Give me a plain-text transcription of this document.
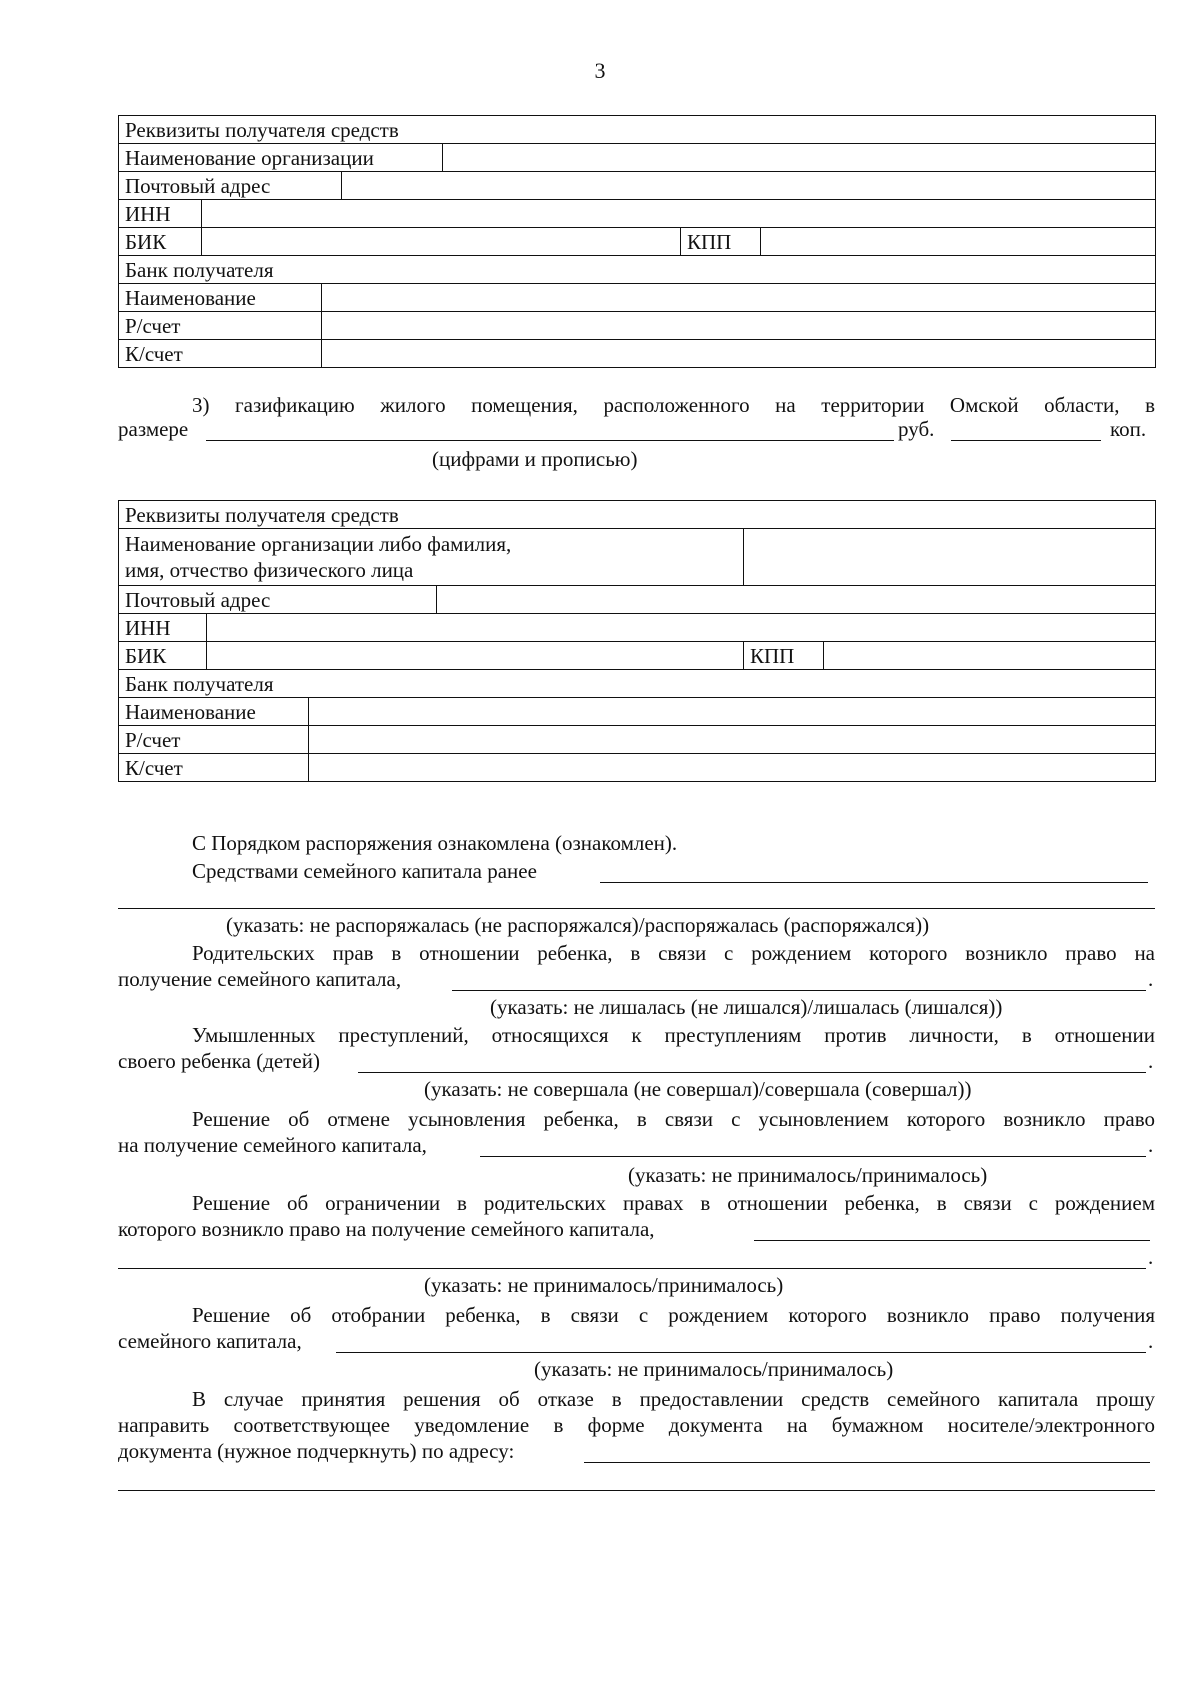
3
Реквизиты получателя средств						
Наименование организации						
Почтовый адрес						
ИНН						
БИК					КПП	
Банк получателя						
Наименование						
Р/счет						
К/счет						
3) газификацию жилого помещения, расположенного на территории Омской области, в
размере	руб.	коп.
(цифрами и прописью)
Реквизиты получателя средств					
Наименование организации либо фамилия,
имя, отчество физического лица					
Почтовый адрес					
ИНН					
БИК				КПП	
Банк получателя					
Наименование					
Р/счет					
К/счет					
С Порядком распоряжения ознакомлена (ознакомлен).
Средствами семейного капитала ранее
(указать: не распоряжалась (не распоряжался)/распоряжалась (распоряжался))
Родительских прав в отношении ребенка, в связи с рождением которого возникло право на
получение семейного капитала,	.
(указать: не лишалась (не лишался)/лишалась (лишался))
Умышленных преступлений, относящихся к преступлениям против личности, в отношении
своего ребенка (детей)	.
(указать: не совершала (не совершал)/совершала (совершал))
Решение об отмене усыновления ребенка, в связи с усыновлением которого возникло право
на получение семейного капитала,	.
(указать: не принималось/принималось)
Решение об ограничении в родительских правах в отношении ребенка, в связи с рождением
которого возникло право на получение семейного капитала,
.
(указать: не принималось/принималось)
Решение об отобрании ребенка, в связи с рождением которого возникло право получения
семейного капитала,	.
(указать: не принималось/принималось)
В случае принятия решения об отказе в предоставлении средств семейного капитала прошу
направить соответствующее уведомление в форме документа на бумажном носителе/электронного
документа (нужное подчеркнуть) по адресу:
